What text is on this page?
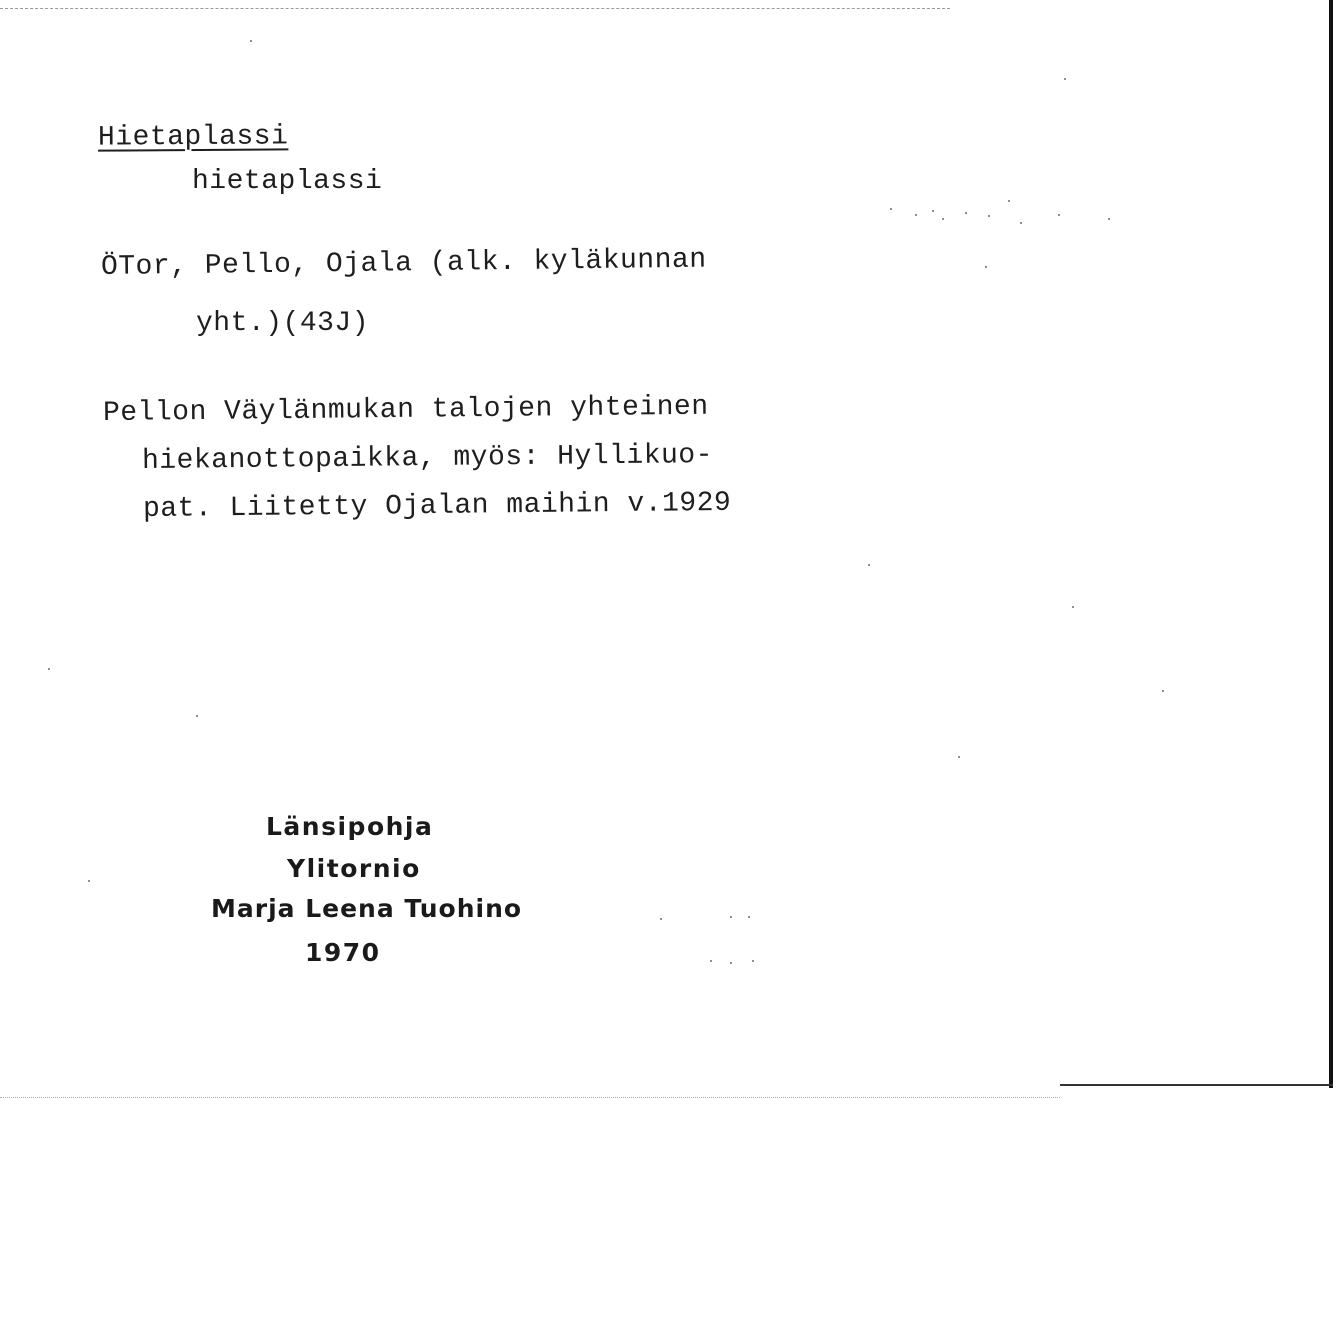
Hietaplassi
hietaplassi
ÖTor, Pello, Ojala (alk. kyläkunnan
yht.)(43J)
Pellon Väylänmukan talojen yhteinen
hiekanottopaikka, myös: Hyllikuo-
pat. Liitetty Ojalan maihin v.1929
Länsipohja
Ylitornio
Marja Leena Tuohino
1970
